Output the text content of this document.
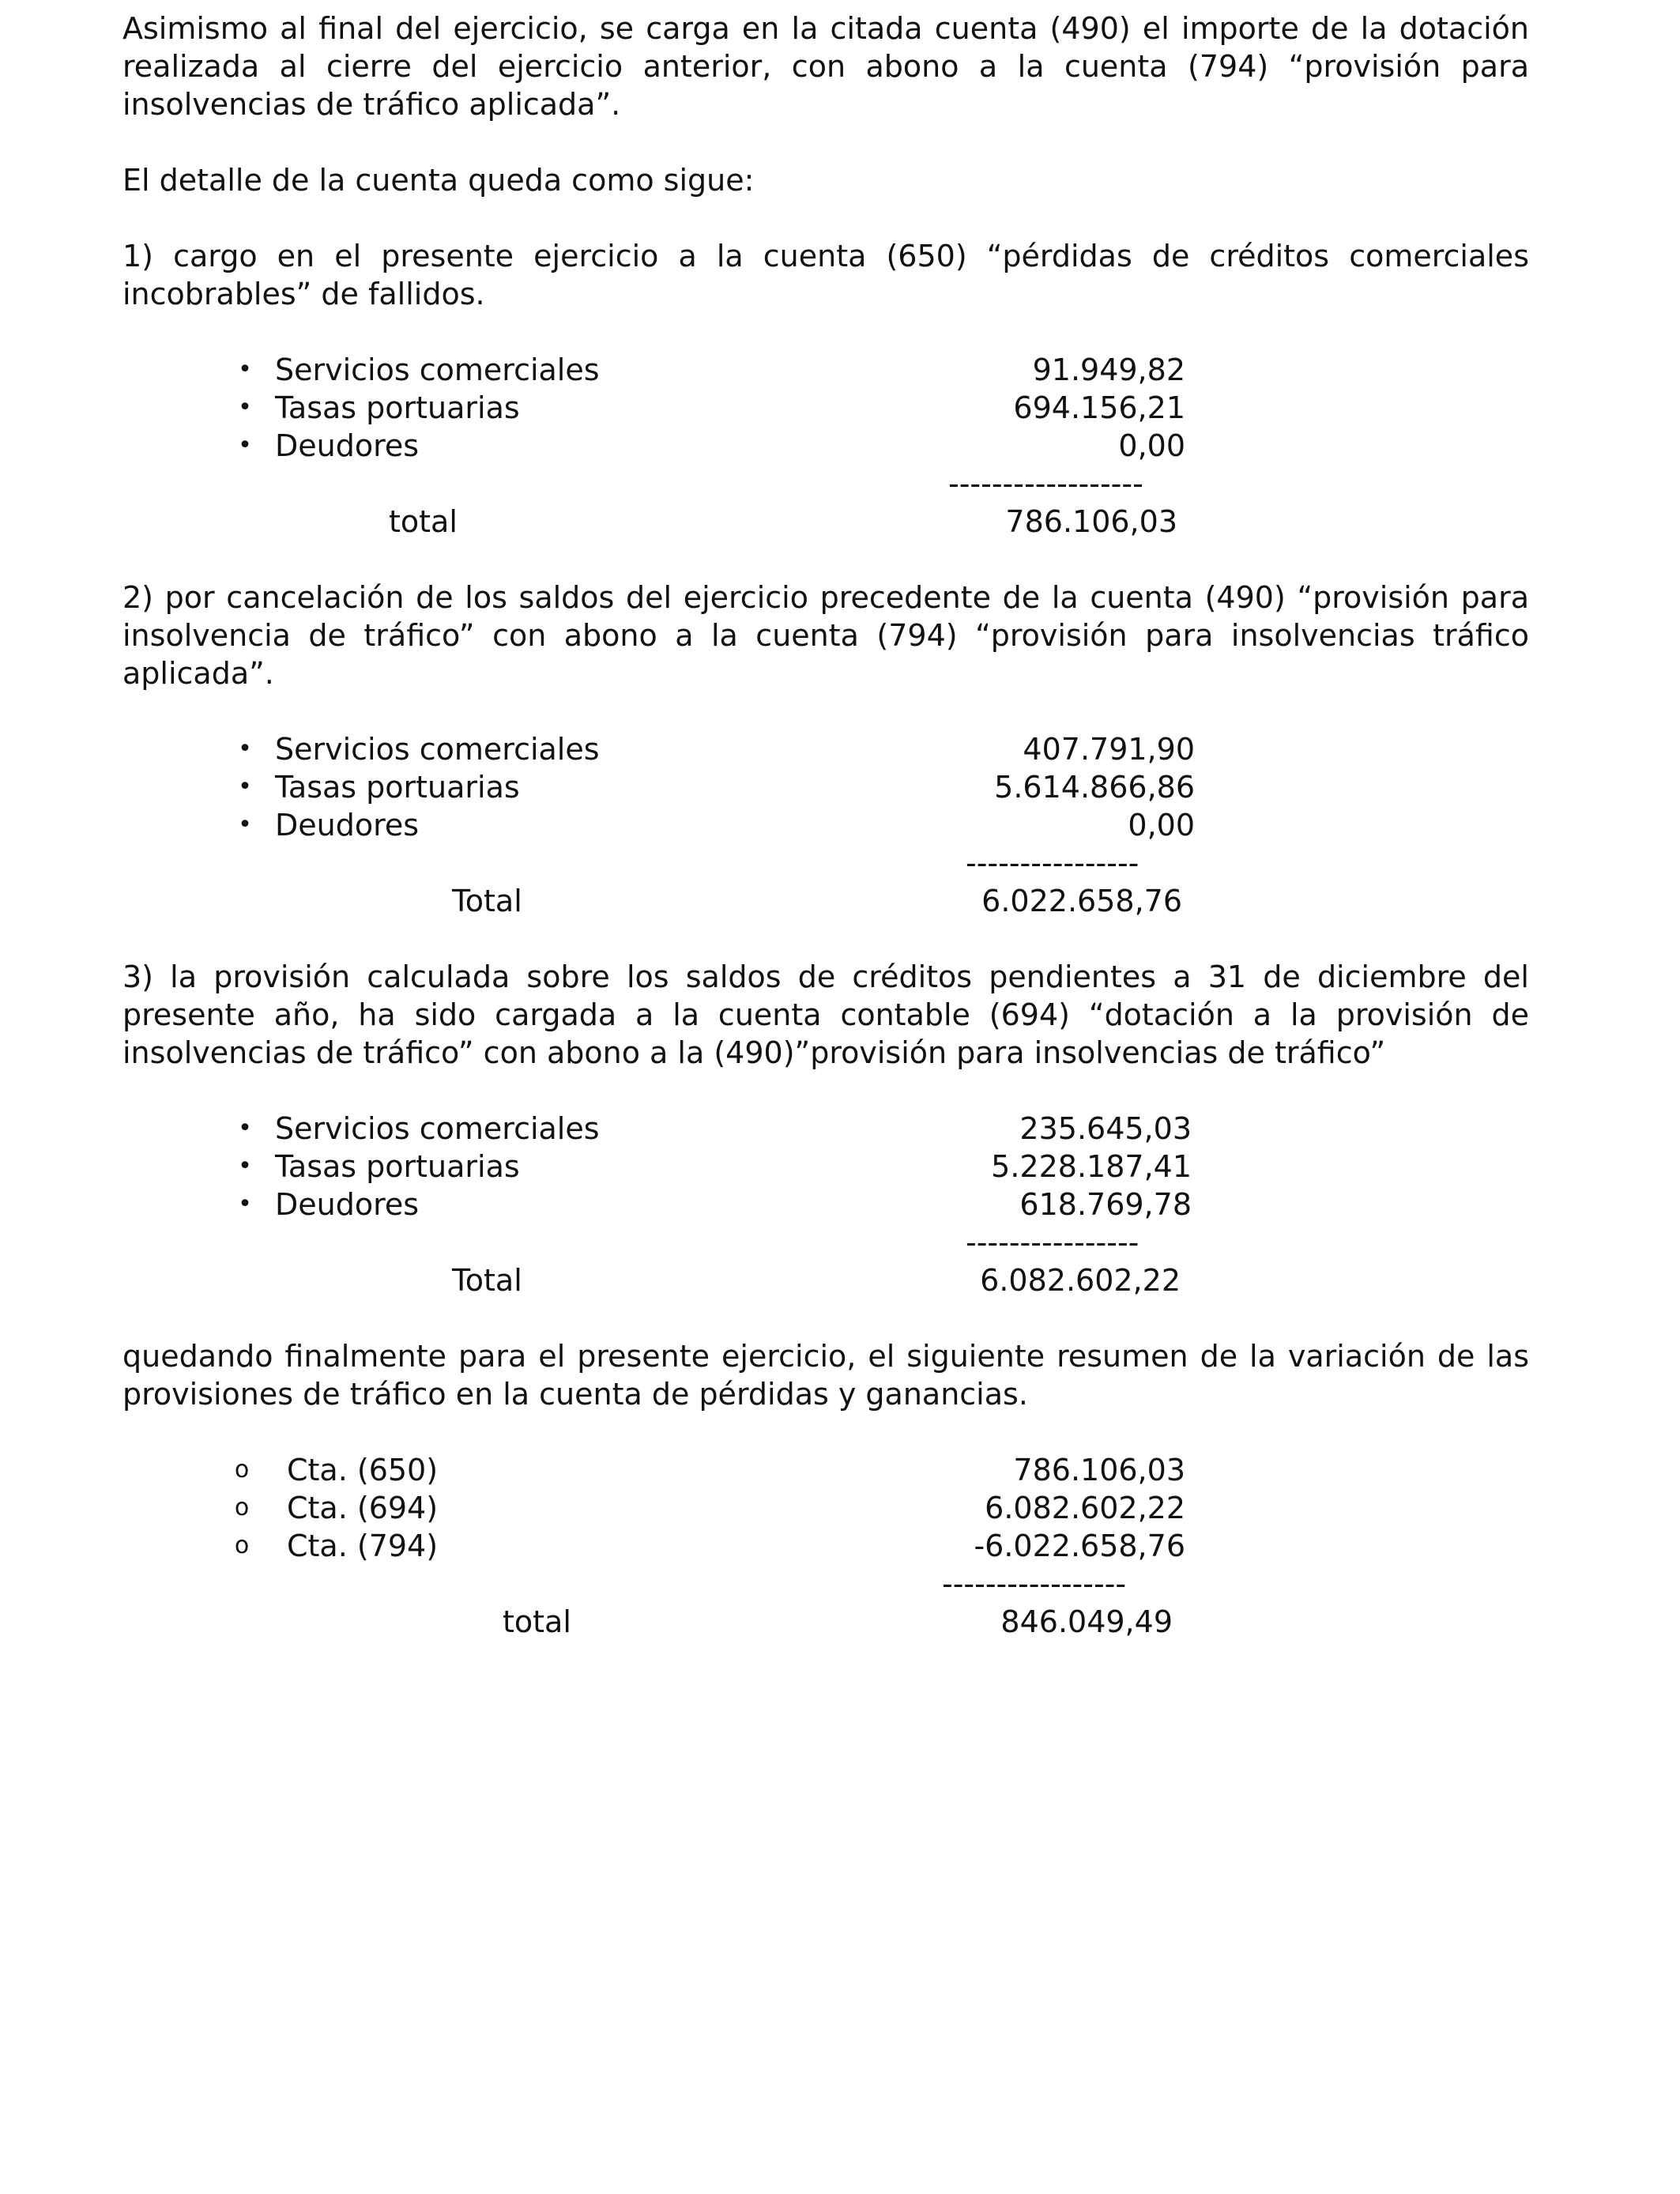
Asimismo al final del ejercicio, se carga en la citada cuenta (490) el importe de la dotación realizada al cierre del ejercicio anterior, con abono a la cuenta (794) “provisión para insolvencias de tráfico aplicada”.

El detalle de la cuenta queda como sigue:

1) cargo en el presente ejercicio a la cuenta (650) “pérdidas de créditos comerciales incobrables” de fallidos.

• Servicios comerciales	91.949,82
• Tasas portuarias	694.156,21
• Deudores	0,00
------------------
total	786.106,03

2) por cancelación de los saldos del ejercicio precedente de la cuenta (490) “provisión para insolvencia de tráfico” con abono a la cuenta (794) “provisión para insolvencias tráfico aplicada”.

• Servicios comerciales	407.791,90
• Tasas portuarias	5.614.866,86
• Deudores	0,00
----------------
Total	6.022.658,76

3) la provisión calculada sobre los saldos de créditos pendientes a 31 de diciembre del presente año, ha sido cargada a la cuenta contable (694) “dotación a la provisión de insolvencias de tráfico” con abono a la (490)”provisión para insolvencias de tráfico”

• Servicios comerciales	235.645,03
• Tasas portuarias	5.228.187,41
• Deudores	618.769,78
----------------
Total	6.082.602,22

quedando finalmente para el presente ejercicio, el siguiente resumen de la variación de las provisiones de tráfico en la cuenta de pérdidas y ganancias.

o Cta. (650)	786.106,03
o Cta. (694)	6.082.602,22
o Cta. (794)	-6.022.658,76
-----------------
total	846.049,49
